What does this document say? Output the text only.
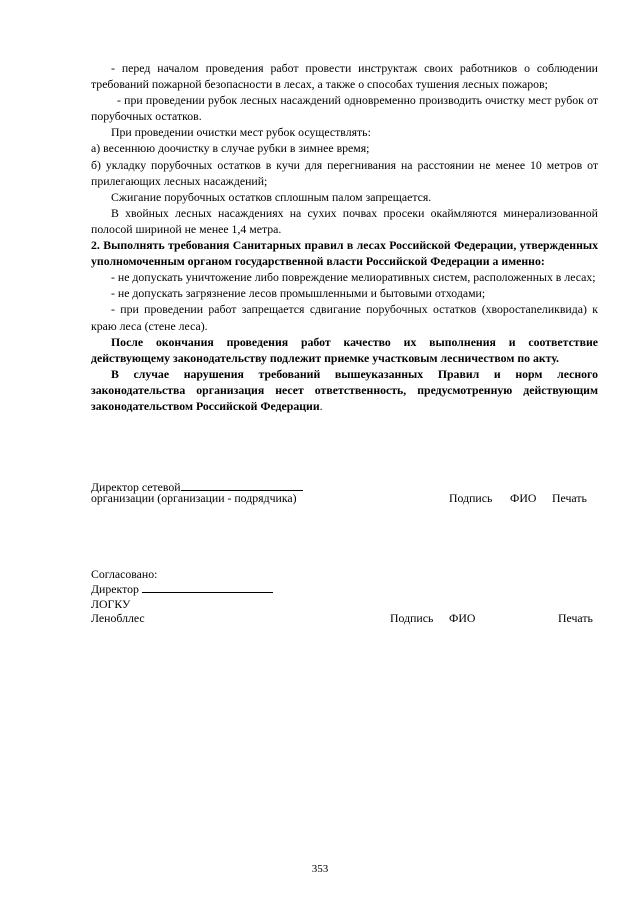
- перед началом проведения работ провести инструктаж своих работников о соблюдении требований пожарной безопасности в лесах, а также о способах тушения лесных пожаров;

- при проведении рубок лесных насаждений одновременно производить очистку мест рубок от порубочных остатков.

При проведении очистки мест рубок осуществлять:

а) весеннюю доочистку в случае рубки в зимнее время;

б) укладку порубочных остатков в кучи для перегнивания на расстоянии не менее 10 метров от прилегающих лесных насаждений;

Сжигание порубочных остатков сплошным палом запрещается.

В хвойных лесных насаждениях на сухих почвах просеки окаймляются минерализованной полосой шириной не менее 1,4 метра.

2. Выполнять требования Санитарных правил в лесах Российской Федерации, утвержденных уполномоченным органом государственной власти Российской Федерации а именно:

- не допускать уничтожение либо повреждение мелиоративных систем, расположенных в лесах;

- не допускать загрязнение лесов промышленными и бытовыми отходами;

- при проведении работ запрещается сдвигание порубочных остатков (хворостаnеликвида) к краю леса (стене леса).

После окончания проведения работ качество их выполнения и соответствие действующему законодательству подлежит приемке участковым лесничеством по акту.

В случае нарушения требований вышеуказанных Правил и норм лесного законодательства организация несет ответственность, предусмотренную действующим законодательством Российской Федерации.

Директор сетевой
организации (организации - подрядчика)	Подпись ФИО Печать
Согласовано:
Директор
ЛОГКУ
Ленобллес	Подпись ФИО	Печать
353
